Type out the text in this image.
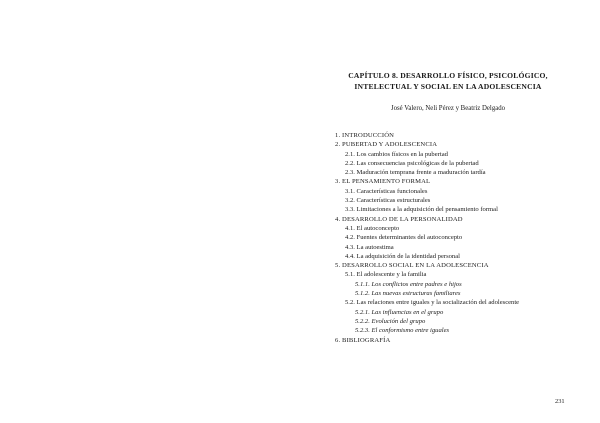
CAPÍTULO 8. DESARROLLO FÍSICO, PSICOLÓGICO,
INTELECTUAL Y SOCIAL EN LA ADOLESCENCIA
José Valero, Neli Pérez y Beatriz Delgado
1. INTRODUCCIÓN
2. PUBERTAD Y ADOLESCENCIA
2.1. Los cambios físicos en la pubertad
2.2. Las consecuencias psicológicas de la pubertad
2.3. Maduración temprana frente a maduración tardía
3. EL PENSAMIENTO FORMAL
3.1. Características funcionales
3.2. Características estructurales
3.3. Limitaciones a la adquisición del pensamiento formal
4. DESARROLLO DE LA PERSONALIDAD
4.1. El autoconcepto
4.2. Fuentes determinantes del autoconcepto
4.3. La autoestima
4.4. La adquisición de la identidad personal
5. DESARROLLO SOCIAL EN LA ADOLESCENCIA
5.1. El adolescente y la familia
5.1.1. Los conflictos entre padres e hijos
5.1.2. Las nuevas estructuras familiares
5.2. Las relaciones entre iguales y la socialización del adolescente
5.2.1. Las influencias en el grupo
5.2.2. Evolución del grupo
5.2.3. El conformismo entre iguales
6. BIBLIOGRAFÍA
231
